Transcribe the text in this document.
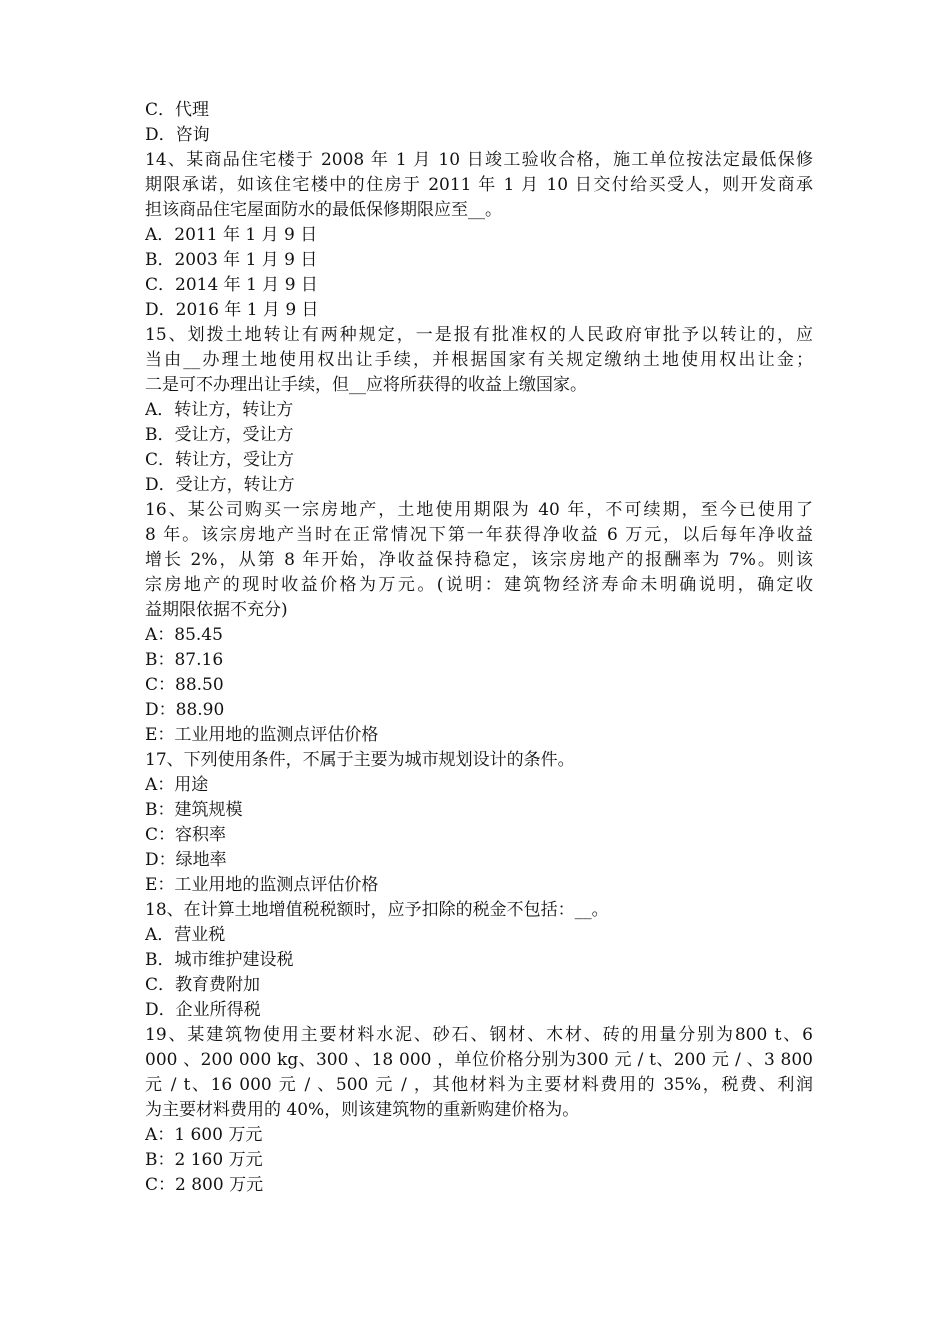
C．代理
D．咨询
14、某商品住宅楼于 2008 年 1 月 10 日竣工验收合格，施工单位按法定最低保修
期限承诺，如该住宅楼中的住房于 2011 年 1 月 10 日交付给买受人，则开发商承
担该商品住宅屋面防水的最低保修期限应至__。
A．2011 年 1 月 9 日
B．2003 年 1 月 9 日
C．2014 年 1 月 9 日
D．2016 年 1 月 9 日
15、划拨土地转让有两种规定，一是报有批准权的人民政府审批予以转让的，应
当由__办理土地使用权出让手续，并根据国家有关规定缴纳土地使用权出让金；
二是可不办理出让手续，但__应将所获得的收益上缴国家。
A．转让方，转让方
B．受让方，受让方
C．转让方，受让方
D．受让方，转让方
16、某公司购买一宗房地产，土地使用期限为 40 年，不可续期，至今已使用了
8 年。该宗房地产当时在正常情况下第一年获得净收益 6 万元，以后每年净收益
增长 2%，从第 8 年开始，净收益保持稳定，该宗房地产的报酬率为 7%。则该
宗房地产的现时收益价格为万元。(说明：建筑物经济寿命未明确说明，确定收
益期限依据不充分)
A：85.45
B：87.16
C：88.50
D：88.90
E：工业用地的监测点评估价格
17、下列使用条件，不属于主要为城市规划设计的条件。
A：用途
B：建筑规模
C：容积率
D：绿地率
E：工业用地的监测点评估价格
18、在计算土地增值税税额时，应予扣除的税金不包括：__。
A．营业税
B．城市维护建设税
C．教育费附加
D．企业所得税
19、某建筑物使用主要材料水泥、砂石、钢材、木材、砖的用量分别为800 t、6
000 、200 000 kg、300 、18 000 ，单位价格分别为300 元 / t、200 元 / 、3 800
元 / t、16 000 元 / 、500 元 / ，其他材料为主要材料费用的 35%，税费、利润
为主要材料费用的 40%，则该建筑物的重新购建价格为。
A：1 600 万元
B：2 160 万元
C：2 800 万元
